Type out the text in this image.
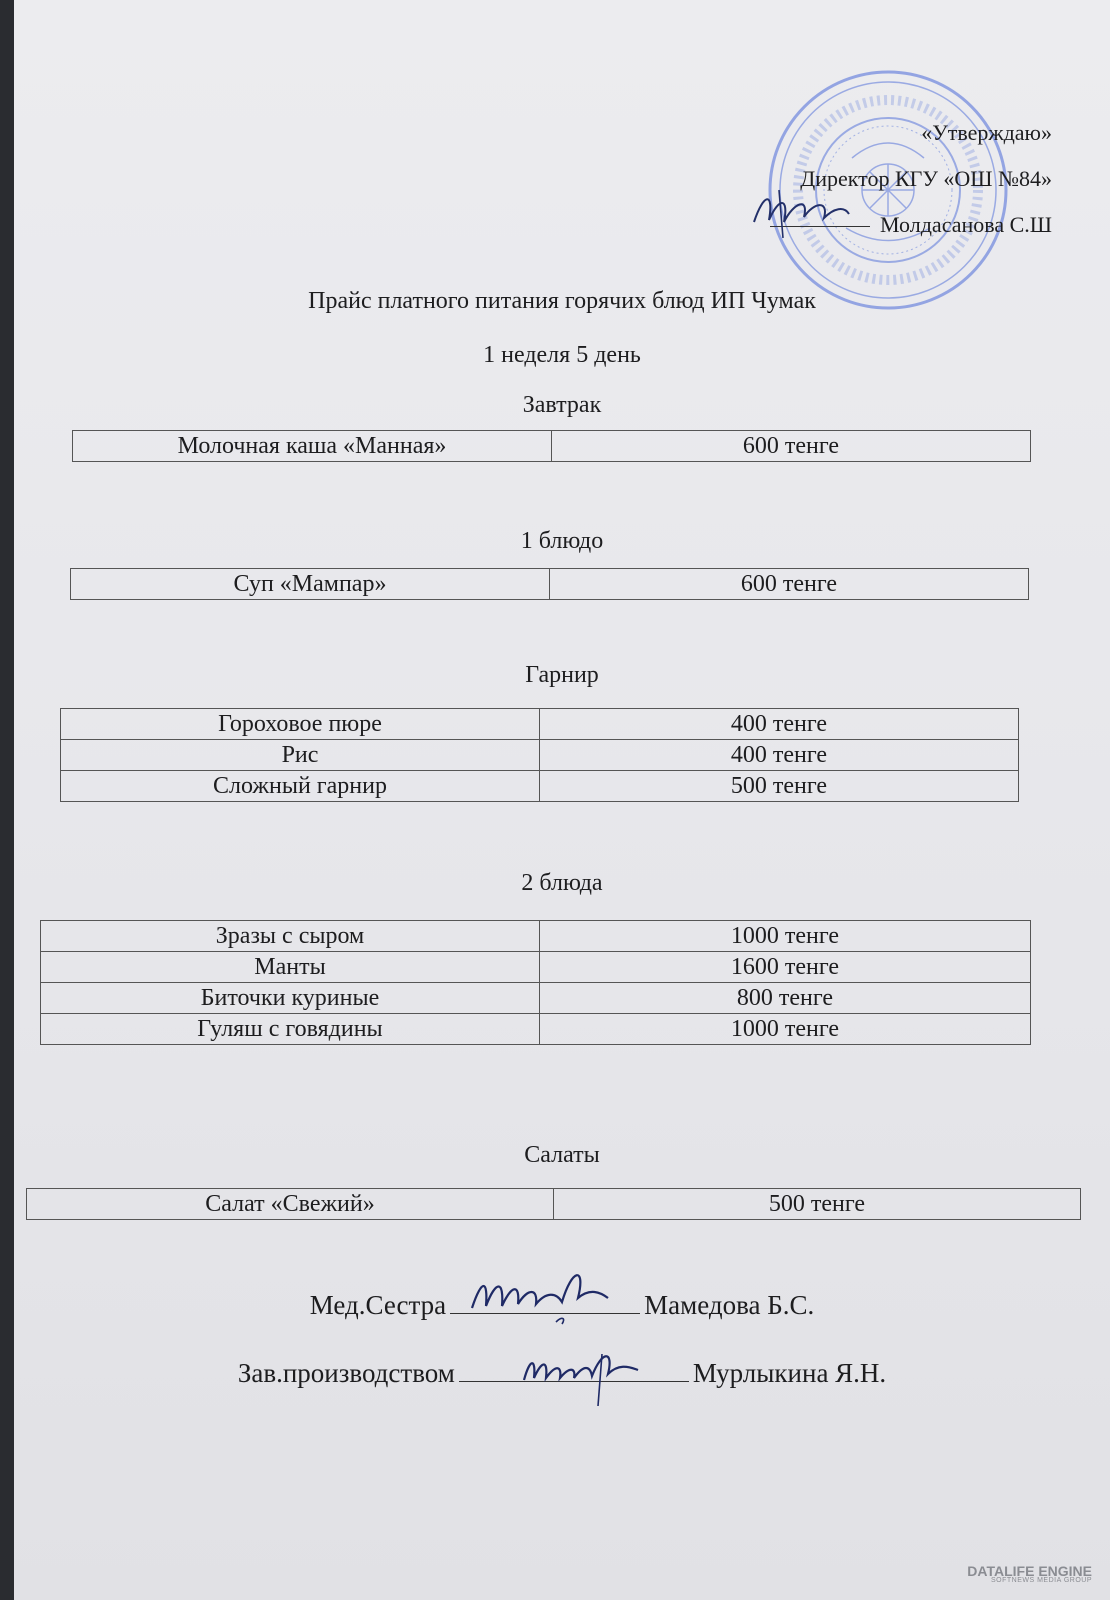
«Утверждаю»
Директор КГУ «ОШ №84»
Молдасанова С.Ш
Прайс платного питания горячих блюд ИП Чумак
1 неделя 5 день
Завтрак
Молочная каша «Манная»	600 тенге
1 блюдо
Суп «Мампар»	600 тенге
Гарнир
Гороховое пюре	400 тенге
Рис	400 тенге
Сложный гарнир	500 тенге
2 блюда
Зразы с сыром	1000 тенге
Манты	1600 тенге
Биточки куриные	800 тенге
Гуляш с говядины	1000 тенге
Салаты
Салат «Свежий»	500 тенге
Мед.Сестра	Мамедова Б.С.
Зав.производством	Мурлыкина Я.Н.
DATALIFE ENGINE
SOFTNEWS MEDIA GROUP
